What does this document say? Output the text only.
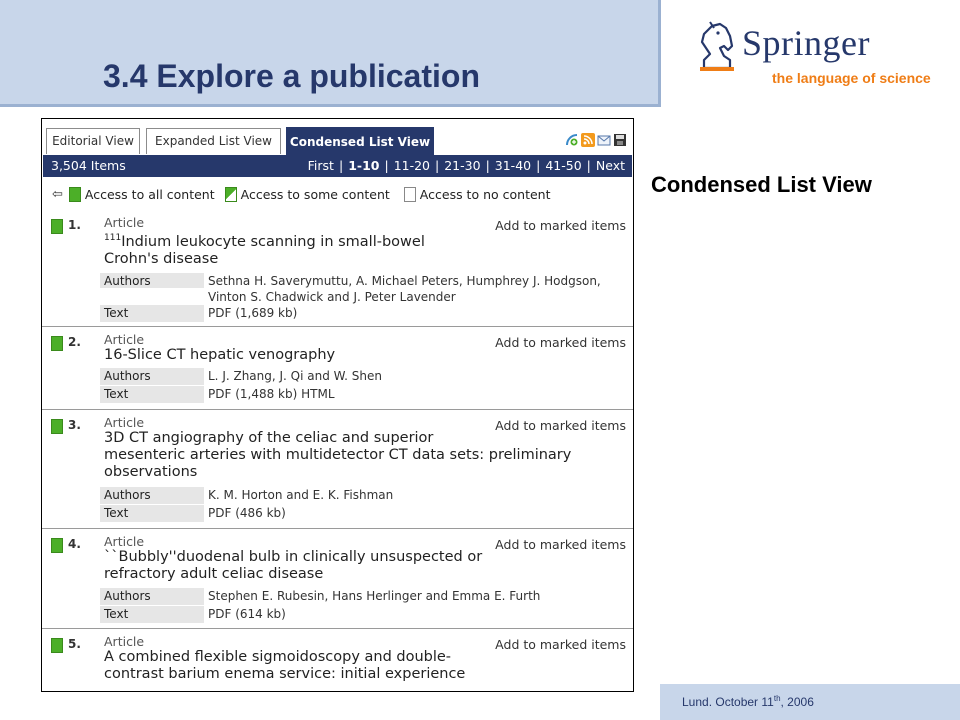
3.4 Explore a publication
Springer
the language of science
Condensed List View
Lund. October 11th, 2006
Editorial View	Expanded List View	Condensed List View
3,504 Items	First | 1-10 | 11-20 | 21-30 | 31-40 | 41-50 | Next
⇦ Access to all content Access to some content Access to no content
1. Article	Add to marked items
$^{111}$Indium leukocyte scanning in small-bowel
Crohn's disease
Authors	Sethna H. Saverymuttu, A. Michael Peters, Humphrey J. Hodgson,
Vinton S. Chadwick and J. Peter Lavender
Text	PDF (1,689 kb)
2. Article	Add to marked items
16-Slice CT hepatic venography
Authors	L. J. Zhang, J. Qi and W. Shen
Text	PDF (1,488 kb) HTML
3. Article	Add to marked items
3D CT angiography of the celiac and superior
mesenteric arteries with multidetector CT data sets: preliminary
observations
Authors	K. M. Horton and E. K. Fishman
Text	PDF (486 kb)
4. Article	Add to marked items
``Bubbly''duodenal bulb in clinically unsuspected or
refractory adult celiac disease
Authors	Stephen E. Rubesin, Hans Herlinger and Emma E. Furth
Text	PDF (614 kb)
5. Article	Add to marked items
A combined flexible sigmoidoscopy and double-
contrast barium enema service: initial experience
